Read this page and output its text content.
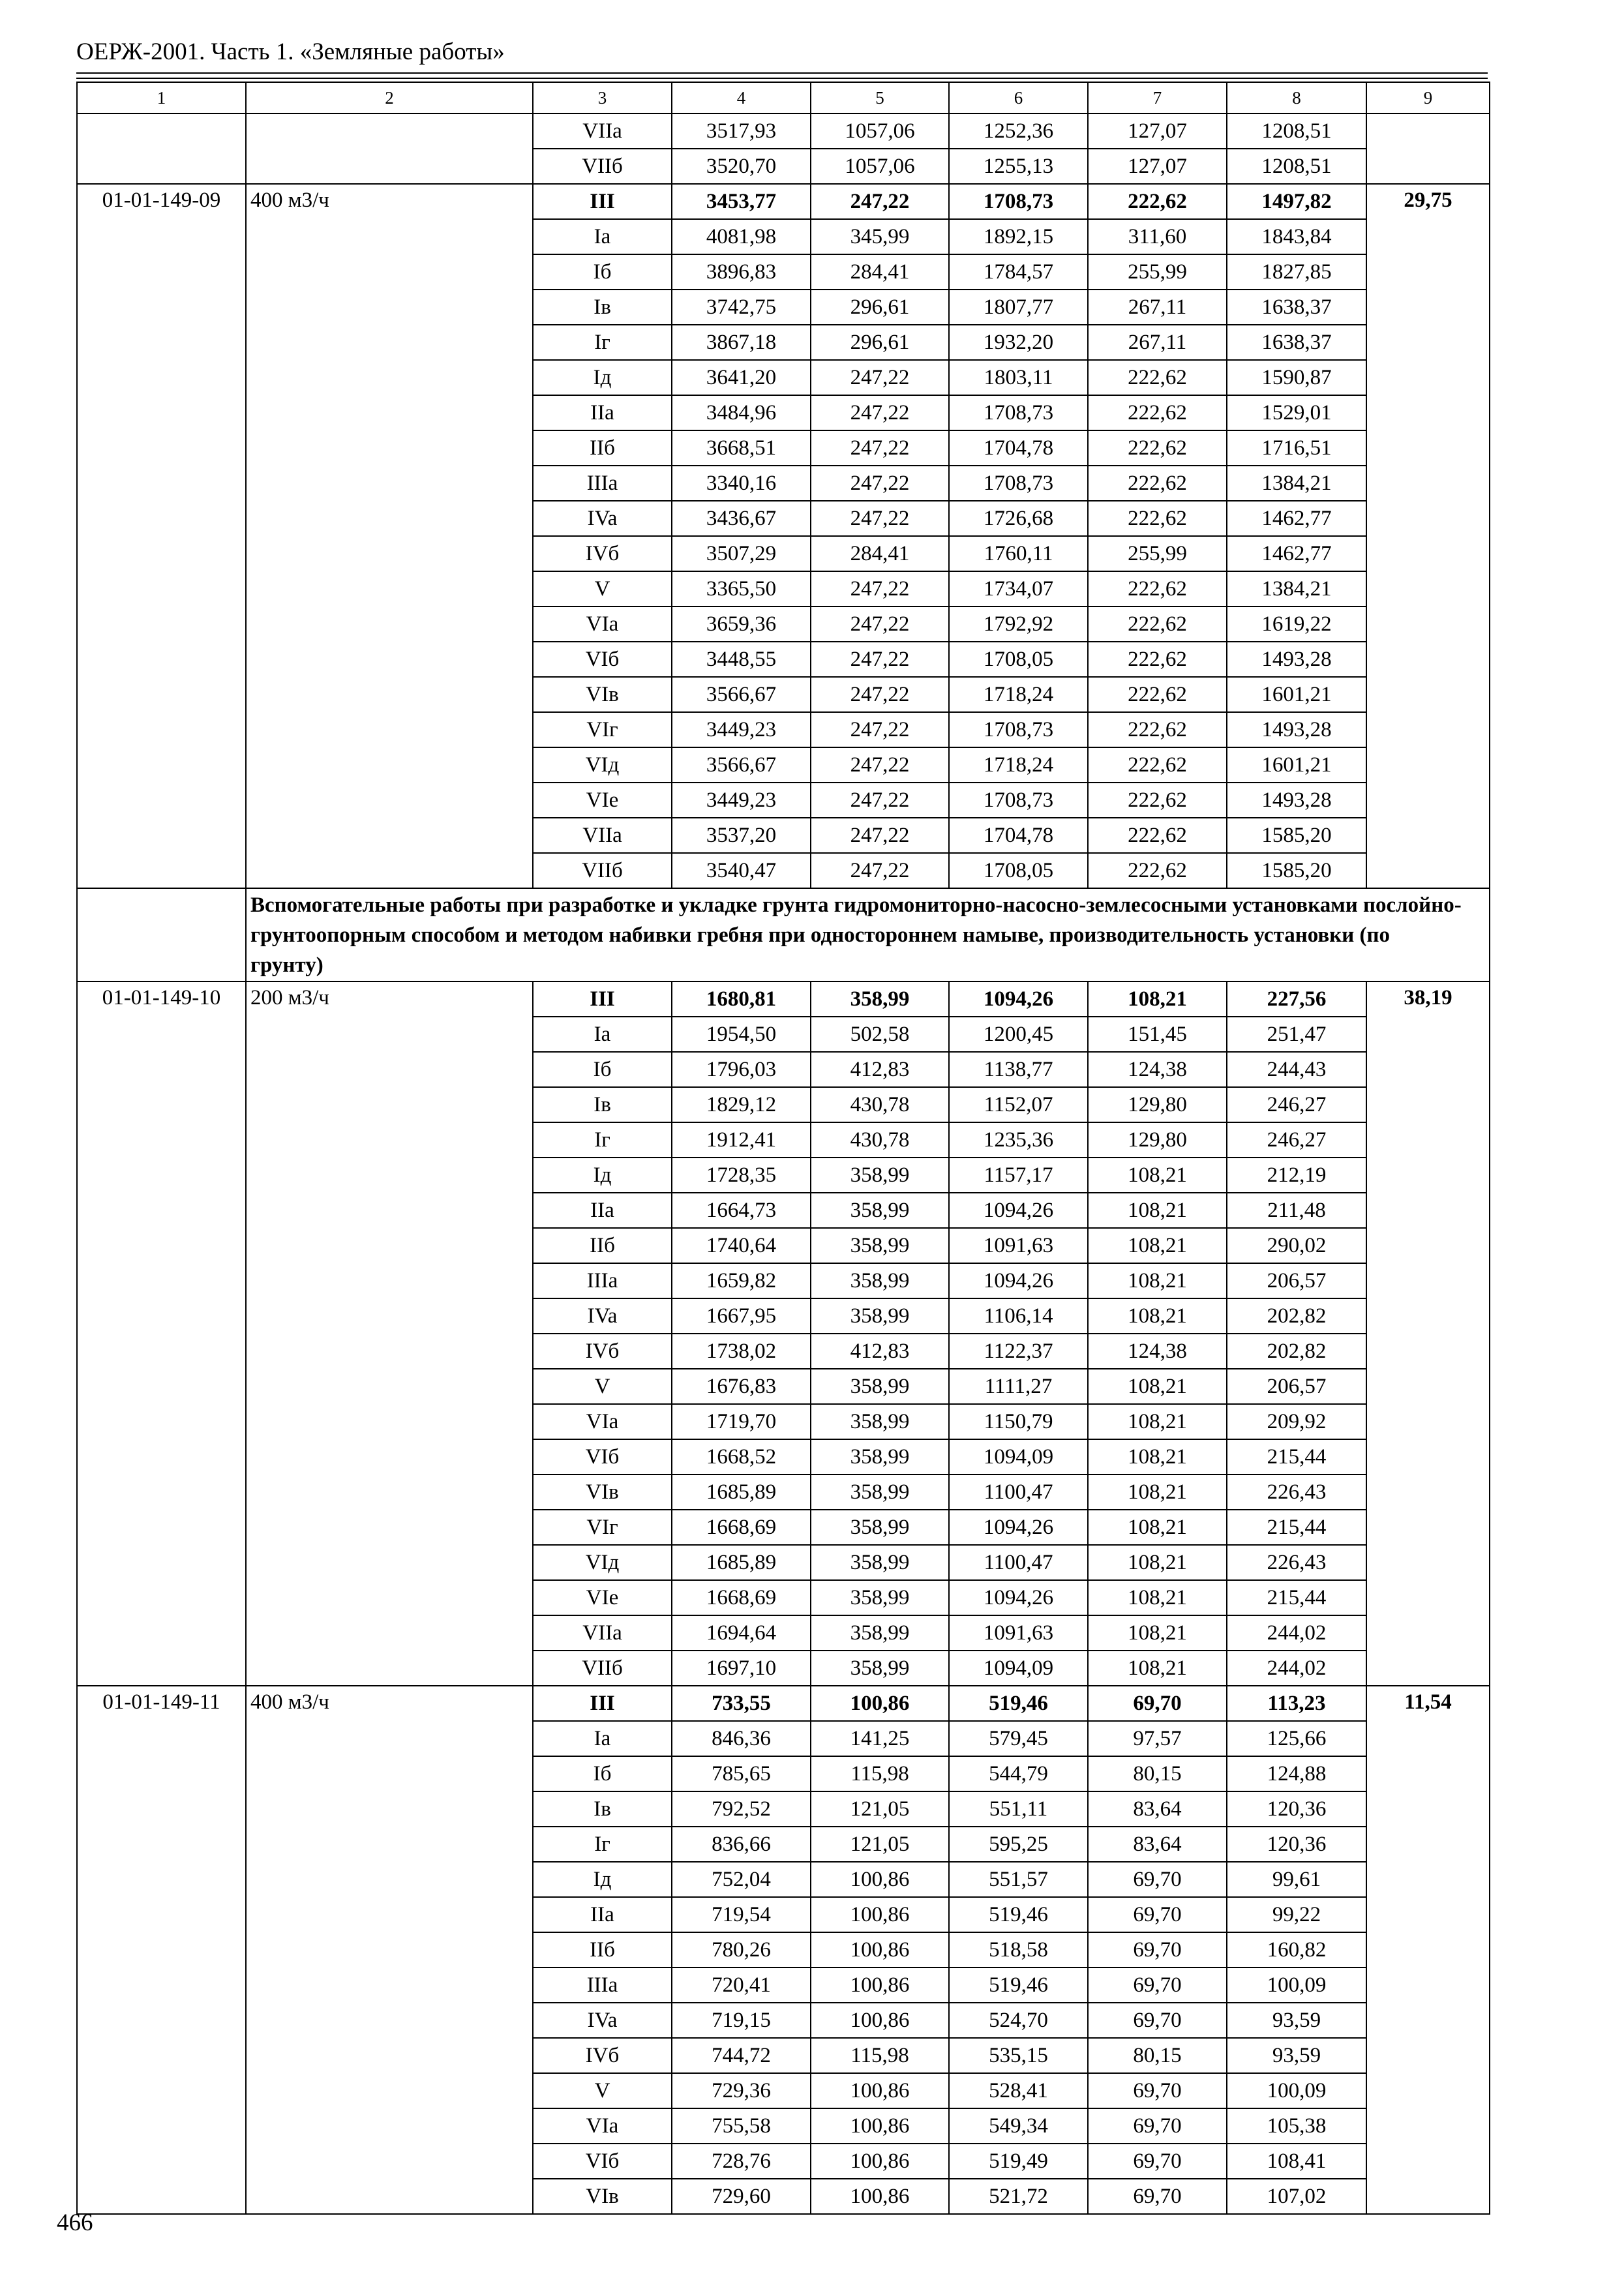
ОЕРЖ-2001. Часть 1. «Земляные работы»
1	2	3	4	5	6	7	8	9
		VIIa	3517,93	1057,06	1252,36	127,07	1208,51	
		VIIб	3520,70	1057,06	1255,13	127,07	1208,51	
01-01-149-09	400 м3/ч	III	3453,77	247,22	1708,73	222,62	1497,82	29,75
		Ia	4081,98	345,99	1892,15	311,60	1843,84	
		Iб	3896,83	284,41	1784,57	255,99	1827,85	
		Iв	3742,75	296,61	1807,77	267,11	1638,37	
		Iг	3867,18	296,61	1932,20	267,11	1638,37	
		Iд	3641,20	247,22	1803,11	222,62	1590,87	
		IIa	3484,96	247,22	1708,73	222,62	1529,01	
		IIб	3668,51	247,22	1704,78	222,62	1716,51	
		IIIa	3340,16	247,22	1708,73	222,62	1384,21	
		IVa	3436,67	247,22	1726,68	222,62	1462,77	
		IVб	3507,29	284,41	1760,11	255,99	1462,77	
		V	3365,50	247,22	1734,07	222,62	1384,21	
		VIa	3659,36	247,22	1792,92	222,62	1619,22	
		VIб	3448,55	247,22	1708,05	222,62	1493,28	
		VIв	3566,67	247,22	1718,24	222,62	1601,21	
		VIг	3449,23	247,22	1708,73	222,62	1493,28	
		VIд	3566,67	247,22	1718,24	222,62	1601,21	
		VIe	3449,23	247,22	1708,73	222,62	1493,28	
		VIIa	3537,20	247,22	1704,78	222,62	1585,20	
		VIIб	3540,47	247,22	1708,05	222,62	1585,20	
	Вспомогательные работы при разработке и укладке грунта гидромониторно-насосно-землесосными установками послойно-грунтоопорным способом и методом набивки гребня при одностороннем намыве, производительность установки (по грунту)							
01-01-149-10	200 м3/ч	III	1680,81	358,99	1094,26	108,21	227,56	38,19
		Ia	1954,50	502,58	1200,45	151,45	251,47	
		Iб	1796,03	412,83	1138,77	124,38	244,43	
		Iв	1829,12	430,78	1152,07	129,80	246,27	
		Iг	1912,41	430,78	1235,36	129,80	246,27	
		Iд	1728,35	358,99	1157,17	108,21	212,19	
		IIa	1664,73	358,99	1094,26	108,21	211,48	
		IIб	1740,64	358,99	1091,63	108,21	290,02	
		IIIa	1659,82	358,99	1094,26	108,21	206,57	
		IVa	1667,95	358,99	1106,14	108,21	202,82	
		IVб	1738,02	412,83	1122,37	124,38	202,82	
		V	1676,83	358,99	1111,27	108,21	206,57	
		VIa	1719,70	358,99	1150,79	108,21	209,92	
		VIб	1668,52	358,99	1094,09	108,21	215,44	
		VIв	1685,89	358,99	1100,47	108,21	226,43	
		VIг	1668,69	358,99	1094,26	108,21	215,44	
		VIд	1685,89	358,99	1100,47	108,21	226,43	
		VIe	1668,69	358,99	1094,26	108,21	215,44	
		VIIa	1694,64	358,99	1091,63	108,21	244,02	
		VIIб	1697,10	358,99	1094,09	108,21	244,02	
01-01-149-11	400 м3/ч	III	733,55	100,86	519,46	69,70	113,23	11,54
		Ia	846,36	141,25	579,45	97,57	125,66	
		Iб	785,65	115,98	544,79	80,15	124,88	
		Iв	792,52	121,05	551,11	83,64	120,36	
		Iг	836,66	121,05	595,25	83,64	120,36	
		Iд	752,04	100,86	551,57	69,70	99,61	
		IIa	719,54	100,86	519,46	69,70	99,22	
		IIб	780,26	100,86	518,58	69,70	160,82	
		IIIa	720,41	100,86	519,46	69,70	100,09	
		IVa	719,15	100,86	524,70	69,70	93,59	
		IVб	744,72	115,98	535,15	80,15	93,59	
		V	729,36	100,86	528,41	69,70	100,09	
		VIa	755,58	100,86	549,34	69,70	105,38	
		VIб	728,76	100,86	519,49	69,70	108,41	
		VIв	729,60	100,86	521,72	69,70	107,02	
466
